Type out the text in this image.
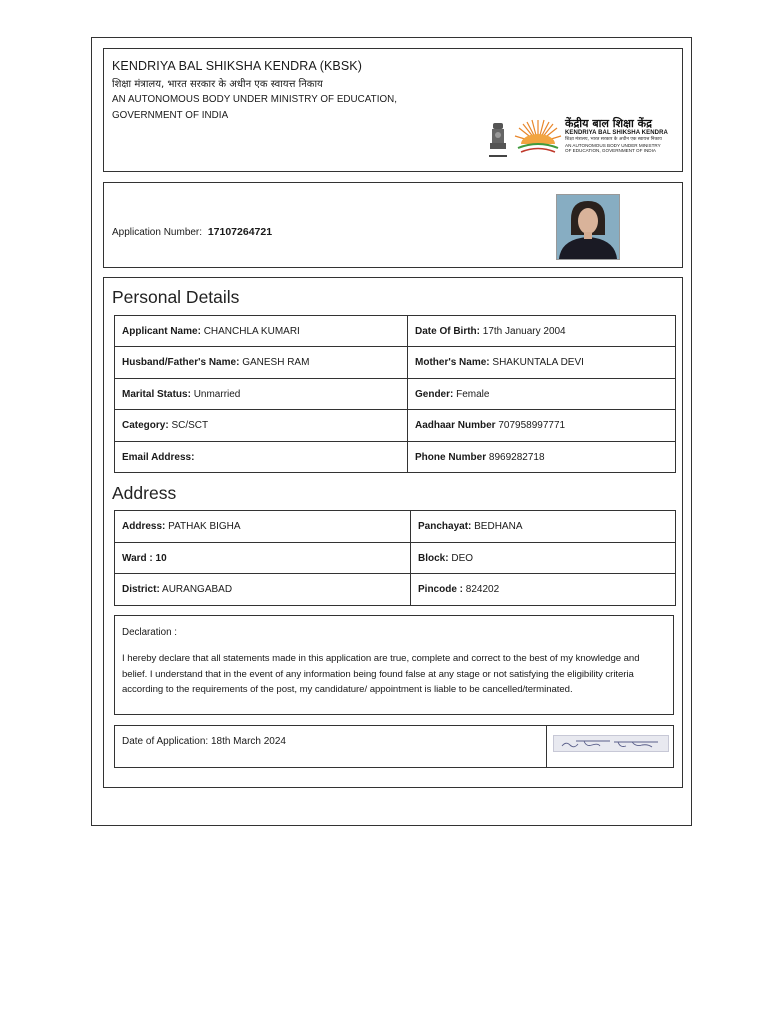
KENDRIYA BAL SHIKSHA KENDRA (KBSK)
शिक्षा मंत्रालय, भारत सरकार के अधीन एक स्वायत्त निकाय
AN AUTONOMOUS BODY UNDER MINISTRY OF EDUCATION,
GOVERNMENT OF INDIA
केंद्रीय बाल शिक्षा केंद्र
KENDRIYA BAL SHIKSHA KENDRA
शिक्षा मंत्रालय, भारत सरकार के अधीन एक स्वायत्त निकाय
AN AUTONOMOUS BODY UNDER MINISTRY
OF EDUCATION, GOVERNMENT OF INDIA
Application Number: 17107264721
Personal Details
Applicant Name: CHANCHLA KUMARI	Date Of Birth: 17th January 2004
Husband/Father's Name: GANESH RAM	Mother's Name: SHAKUNTALA DEVI
Marital Status: Unmarried	Gender: Female
Category: SC/SCT	Aadhaar Number 707958997771
Email Address:	Phone Number 8969282718
Address
Address: PATHAK BIGHA	Panchayat: BEDHANA
Ward : 10	Block: DEO
District: AURANGABAD	Pincode : 824202
Declaration :
I hereby declare that all statements made in this application are true, complete and correct to the best of my knowledge and belief. I understand that in the event of any information being found false at any stage or not satisfying the eligibility criteria according to the requirements of the post, my candidature/ appointment is liable to be cancelled/terminated.
Date of Application: 18th March 2024
